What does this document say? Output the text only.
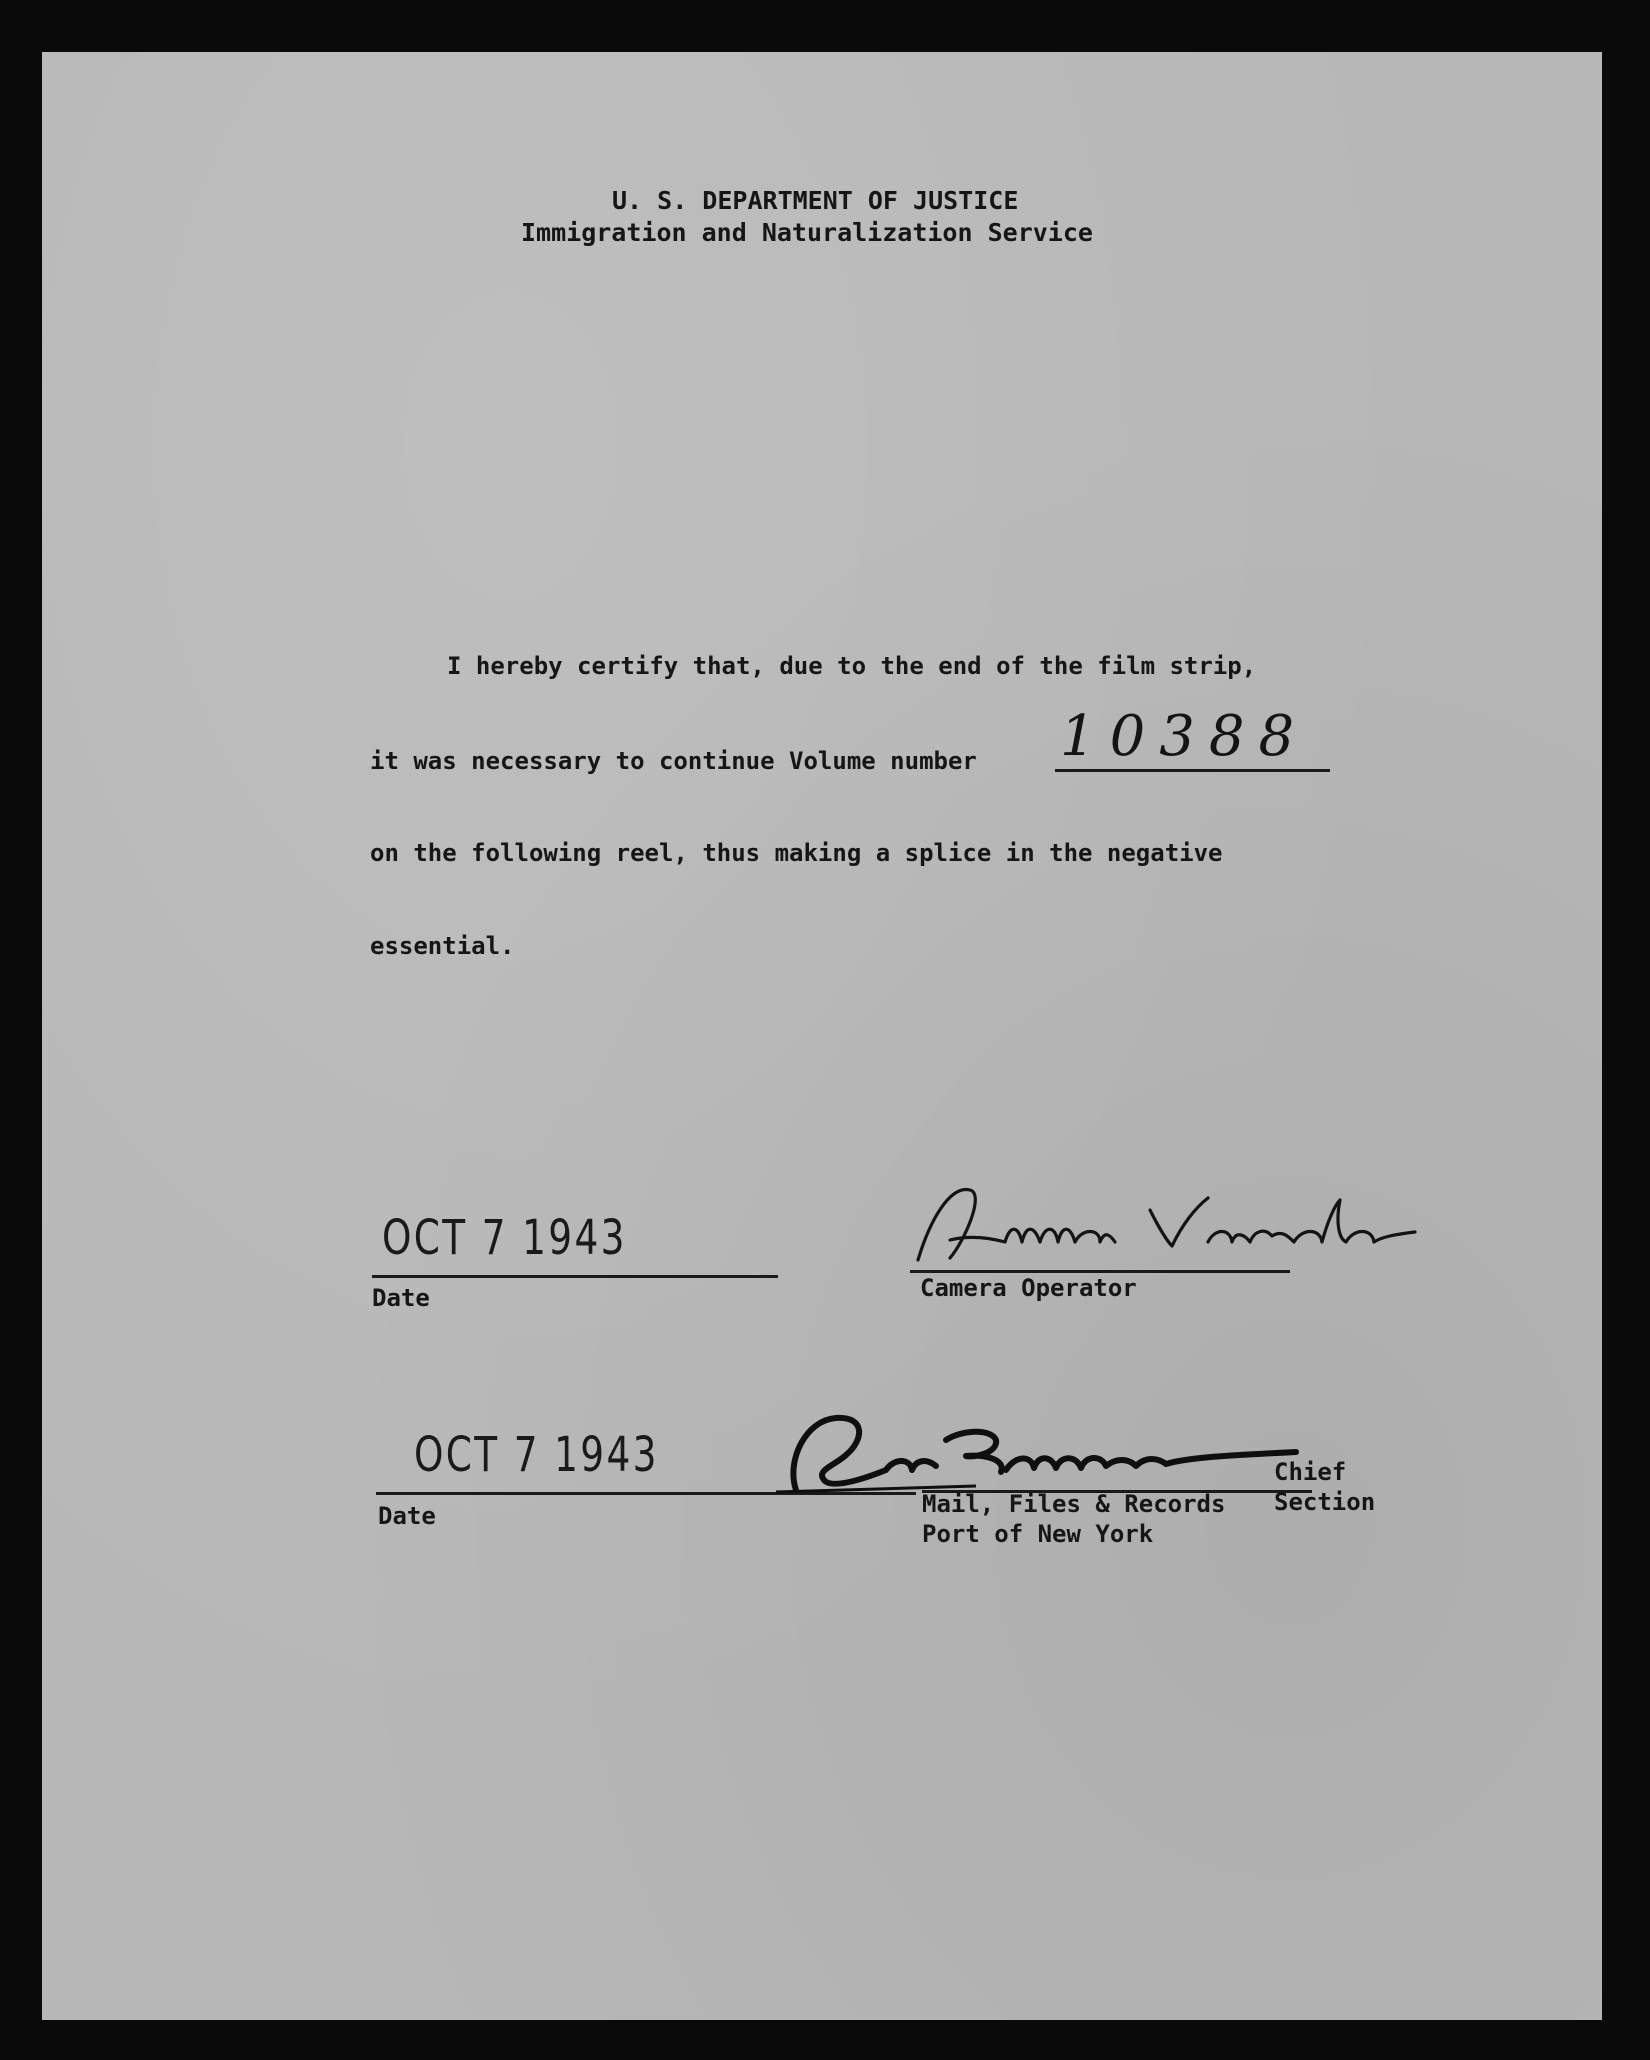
U. S. DEPARTMENT OF JUSTICE
Immigration and Naturalization Service
I hereby certify that, due to the end of the film strip,
it was necessary to continue Volume number 10388
on the following reel, thus making a splice in the negative
essential.
OCT 7 1943
Date	Camera Operator
OCT 7 1943
Date
Chief
Mail, Files & Records Section
Port of New York
